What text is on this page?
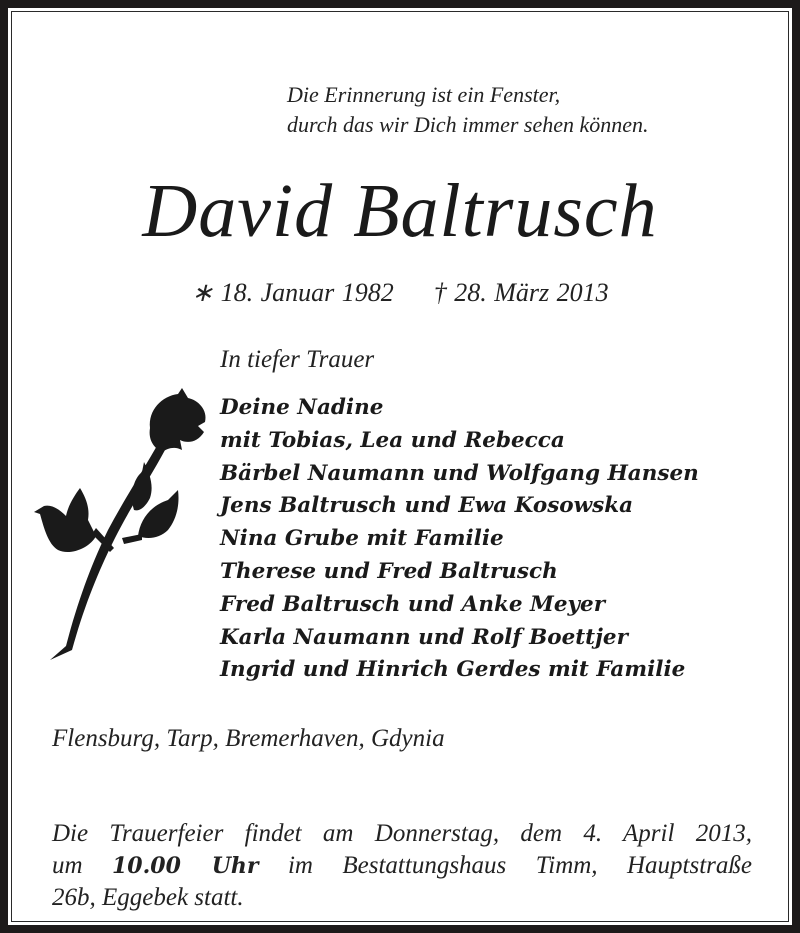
Die Erinnerung ist ein Fenster,
durch das wir Dich immer sehen können.
David Baltrusch
∗ 18. Januar 1982 † 28. März 2013
In tiefer Trauer
Deine Nadine
mit Tobias, Lea und Rebecca
Bärbel Naumann und Wolfgang Hansen
Jens Baltrusch und Ewa Kosowska
Nina Grube mit Familie
Therese und Fred Baltrusch
Fred Baltrusch und Anke Meyer
Karla Naumann und Rolf Boettjer
Ingrid und Hinrich Gerdes mit Familie
Flensburg, Tarp, Bremerhaven, Gdynia
Die Trauerfeier findet am Donnerstag, dem 4. April 2013,
um 10.00 Uhr im Bestattungshaus Timm, Hauptstraße
26b, Eggebek statt.
